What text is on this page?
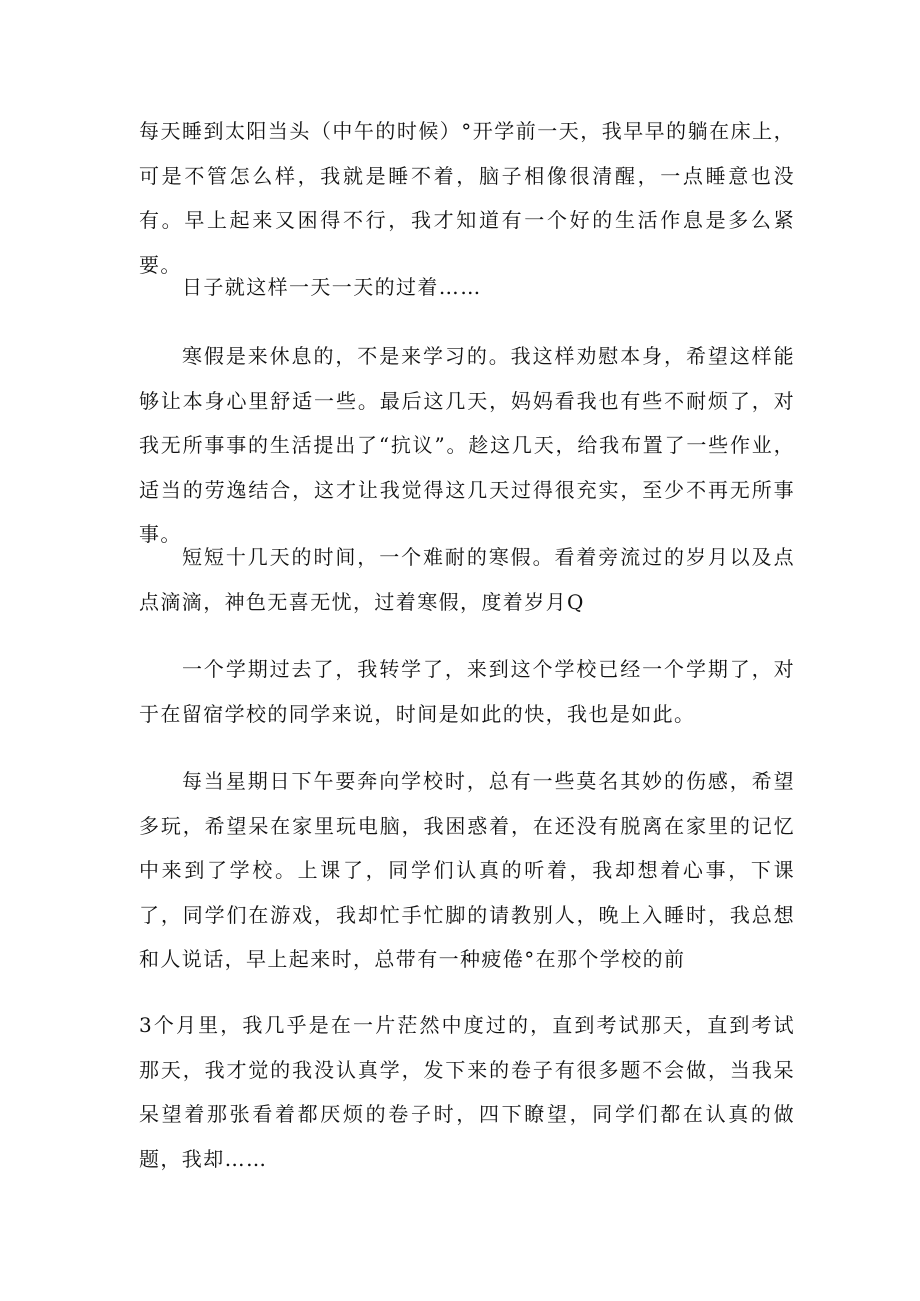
每天睡到太阳当头（中午的时候）°开学前一天，我早早的躺在床上，可是不管怎么样，我就是睡不着，脑子相像很清醒，一点睡意也没有。早上起来又困得不行，我才知道有一个好的生活作息是多么紧要。

日子就这样一天一天的过着……

寒假是来休息的，不是来学习的。我这样劝慰本身，希望这样能够让本身心里舒适一些。最后这几天，妈妈看我也有些不耐烦了，对我无所事事的生活提出了“抗议”。趁这几天，给我布置了一些作业，适当的劳逸结合，这才让我觉得这几天过得很充实，至少不再无所事事。

短短十几天的时间，一个难耐的寒假。看着旁流过的岁月以及点点滴滴，神色无喜无忧，过着寒假，度着岁月Q

一个学期过去了，我转学了，来到这个学校已经一个学期了，对于在留宿学校的同学来说，时间是如此的快，我也是如此。

每当星期日下午要奔向学校时，总有一些莫名其妙的伤感，希望多玩，希望呆在家里玩电脑，我困惑着，在还没有脱离在家里的记忆中来到了学校。上课了，同学们认真的听着，我却想着心事，下课了，同学们在游戏，我却忙手忙脚的请教别人，晚上入睡时，我总想和人说话，早上起来时，总带有一种疲倦°在那个学校的前

3个月里，我几乎是在一片茫然中度过的，直到考试那天，直到考试那天，我才觉的我没认真学，发下来的卷子有很多题不会做，当我呆呆望着那张看着都厌烦的卷子时，四下瞭望，同学们都在认真的做题，我却……
